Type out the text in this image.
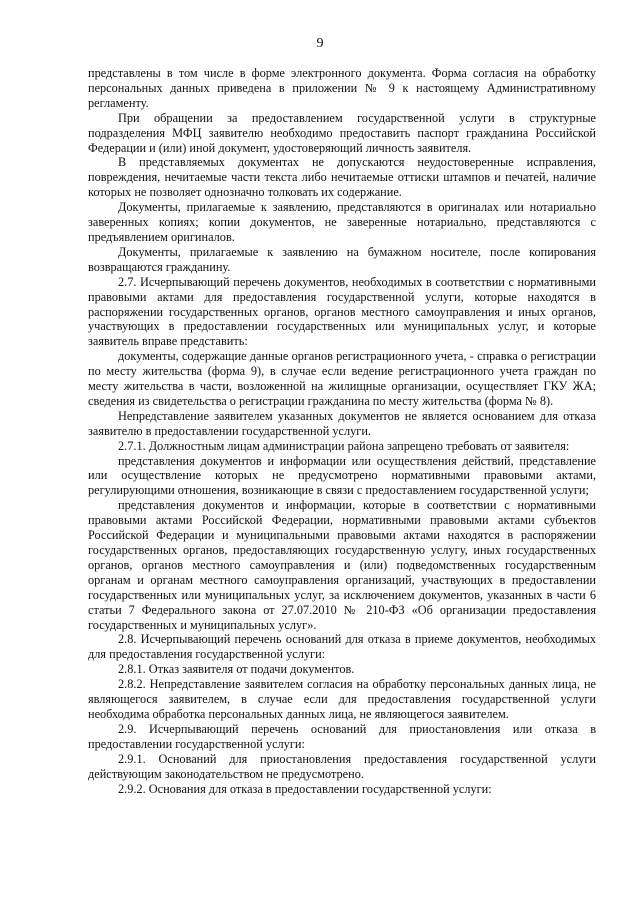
9

представлены в том числе в форме электронного документа. Форма согласия на обработку персональных данных приведена в приложении № 9 к настоящему Административному регламенту.

При обращении за предоставлением государственной услуги в структурные подразделения МФЦ заявителю необходимо предоставить паспорт гражданина Российской Федерации и (или) иной документ, удостоверяющий личность заявителя.

В представляемых документах не допускаются неудостоверенные исправления, повреждения, нечитаемые части текста либо нечитаемые оттиски штампов и печатей, наличие которых не позволяет однозначно толковать их содержание.

Документы, прилагаемые к заявлению, представляются в оригиналах или нотариально заверенных копиях; копии документов, не заверенные нотариально, представляются с предъявлением оригиналов.

Документы, прилагаемые к заявлению на бумажном носителе, после копирования возвращаются гражданину.

2.7. Исчерпывающий перечень документов, необходимых в соответствии с нормативными правовыми актами для предоставления государственной услуги, которые находятся в распоряжении государственных органов, органов местного самоуправления и иных органов, участвующих в предоставлении государственных или муниципальных услуг, и которые заявитель вправе представить:

документы, содержащие данные органов регистрационного учета, - справка о регистрации по месту жительства (форма 9), в случае если ведение регистрационного учета граждан по месту жительства в части, возложенной на жилищные организации, осуществляет ГКУ ЖА; сведения из свидетельства о регистрации гражданина по месту жительства (форма № 8).

Непредставление заявителем указанных документов не является основанием для отказа заявителю в предоставлении государственной услуги.

2.7.1. Должностным лицам администрации района запрещено требовать от заявителя:

представления документов и информации или осуществления действий, представление или осуществление которых не предусмотрено нормативными правовыми актами, регулирующими отношения, возникающие в связи с предоставлением государственной услуги;

представления документов и информации, которые в соответствии с нормативными правовыми актами Российской Федерации, нормативными правовыми актами субъектов Российской Федерации и муниципальными правовыми актами находятся в распоряжении государственных органов, предоставляющих государственную услугу, иных государственных органов, органов местного самоуправления и (или) подведомственных государственным органам и органам местного самоуправления организаций, участвующих в предоставлении государственных или муниципальных услуг, за исключением документов, указанных в части 6 статьи 7 Федерального закона от 27.07.2010 № 210-ФЗ «Об организации предоставления государственных и муниципальных услуг».

2.8. Исчерпывающий перечень оснований для отказа в приеме документов, необходимых для предоставления государственной услуги:

2.8.1. Отказ заявителя от подачи документов.

2.8.2. Непредставление заявителем согласия на обработку персональных данных лица, не являющегося заявителем, в случае если для предоставления государственной услуги необходима обработка персональных данных лица, не являющегося заявителем.

2.9. Исчерпывающий перечень оснований для приостановления или отказа в предоставлении государственной услуги:

2.9.1. Оснований для приостановления предоставления государственной услуги действующим законодательством не предусмотрено.

2.9.2. Основания для отказа в предоставлении государственной услуги:
